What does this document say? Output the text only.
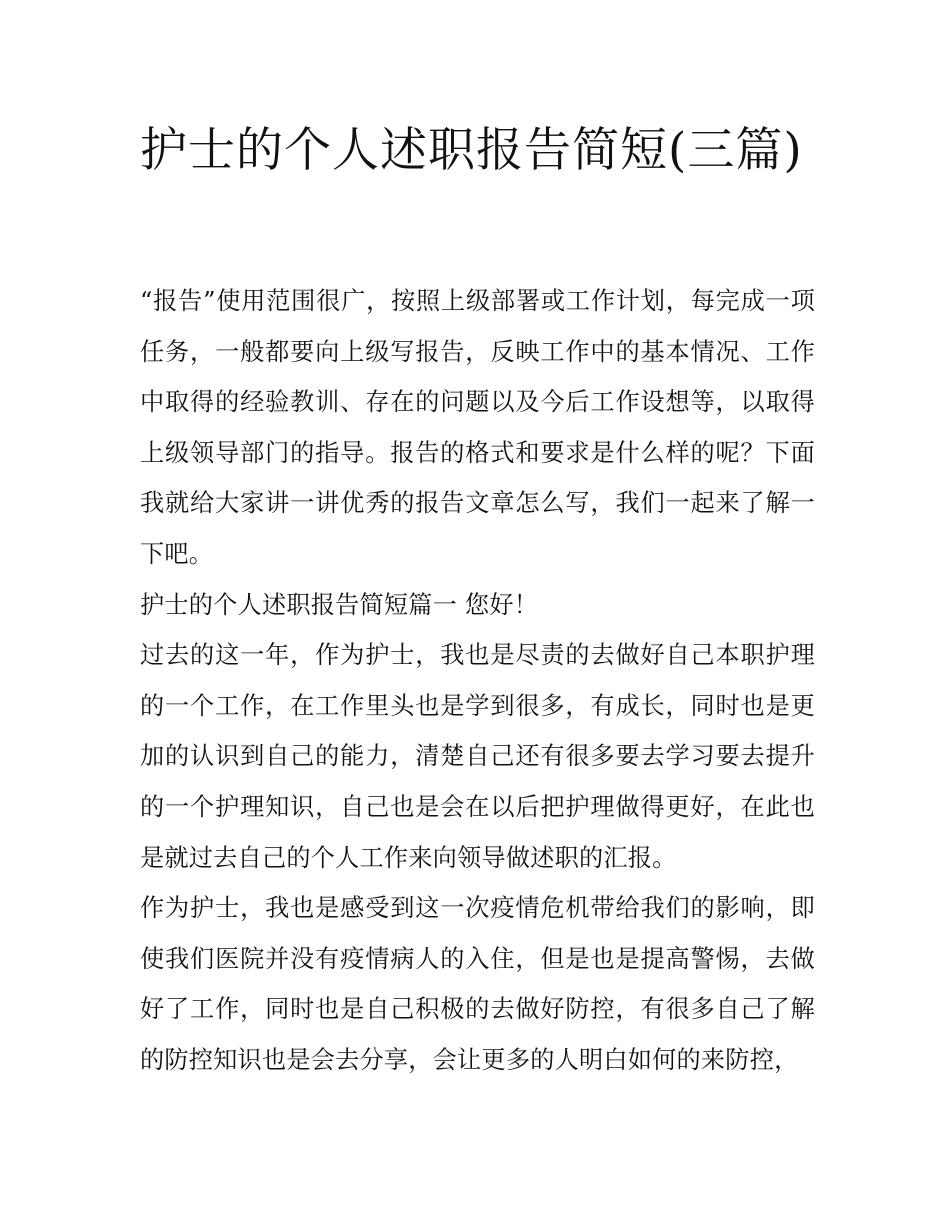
护士的个人述职报告简短(三篇)

“报告”使用范围很广，按照上级部署或工作计划，每完成一项任务，一般都要向上级写报告，反映工作中的基本情况、工作中取得的经验教训、存在的问题以及今后工作设想等，以取得上级领导部门的指导。报告的格式和要求是什么样的呢？下面我就给大家讲一讲优秀的报告文章怎么写，我们一起来了解一下吧。

护士的个人述职报告简短篇一 您好！

过去的这一年，作为护士，我也是尽责的去做好自己本职护理的一个工作，在工作里头也是学到很多，有成长，同时也是更加的认识到自己的能力，清楚自己还有很多要去学习要去提升的一个护理知识，自己也是会在以后把护理做得更好，在此也是就过去自己的个人工作来向领导做述职的汇报。

作为护士，我也是感受到这一次疫情危机带给我们的影响，即使我们医院并没有疫情病人的入住，但是也是提高警惕，去做好了工作，同时也是自己积极的去做好防控，有很多自己了解的防控知识也是会去分享，会让更多的人明白如何的来防控，
